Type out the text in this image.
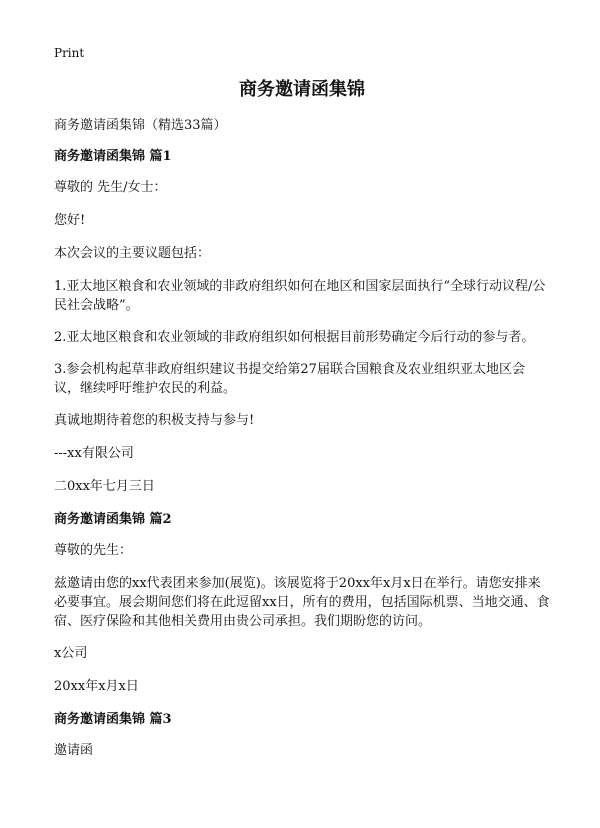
Print
商务邀请函集锦

商务邀请函集锦（精选33篇）

商务邀请函集锦 篇1

尊敬的 先生/女士：

您好!

本次会议的主要议题包括：

1.亚太地区粮食和农业领域的非政府组织如何在地区和国家层面执行“全球行动议程/公民社会战略”。

2.亚太地区粮食和农业领域的非政府组织如何根据目前形势确定今后行动的参与者。

3.参会机构起草非政府组织建议书提交给第27届联合国粮食及农业组织亚太地区会议，继续呼吁维护农民的利益。

真诚地期待着您的积极支持与参与!

---xx有限公司

二0xx年七月三日

商务邀请函集锦 篇2

尊敬的先生：

兹邀请由您的xx代表团来参加(展览)。该展览将于20xx年x月x日在举行。请您安排来必要事宜。展会期间您们将在此逗留xx日，所有的费用，包括国际机票、当地交通、食宿、医疗保险和其他相关费用由贵公司承担。我们期盼您的访问。

x公司

20xx年x月x日

商务邀请函集锦 篇3

邀请函
